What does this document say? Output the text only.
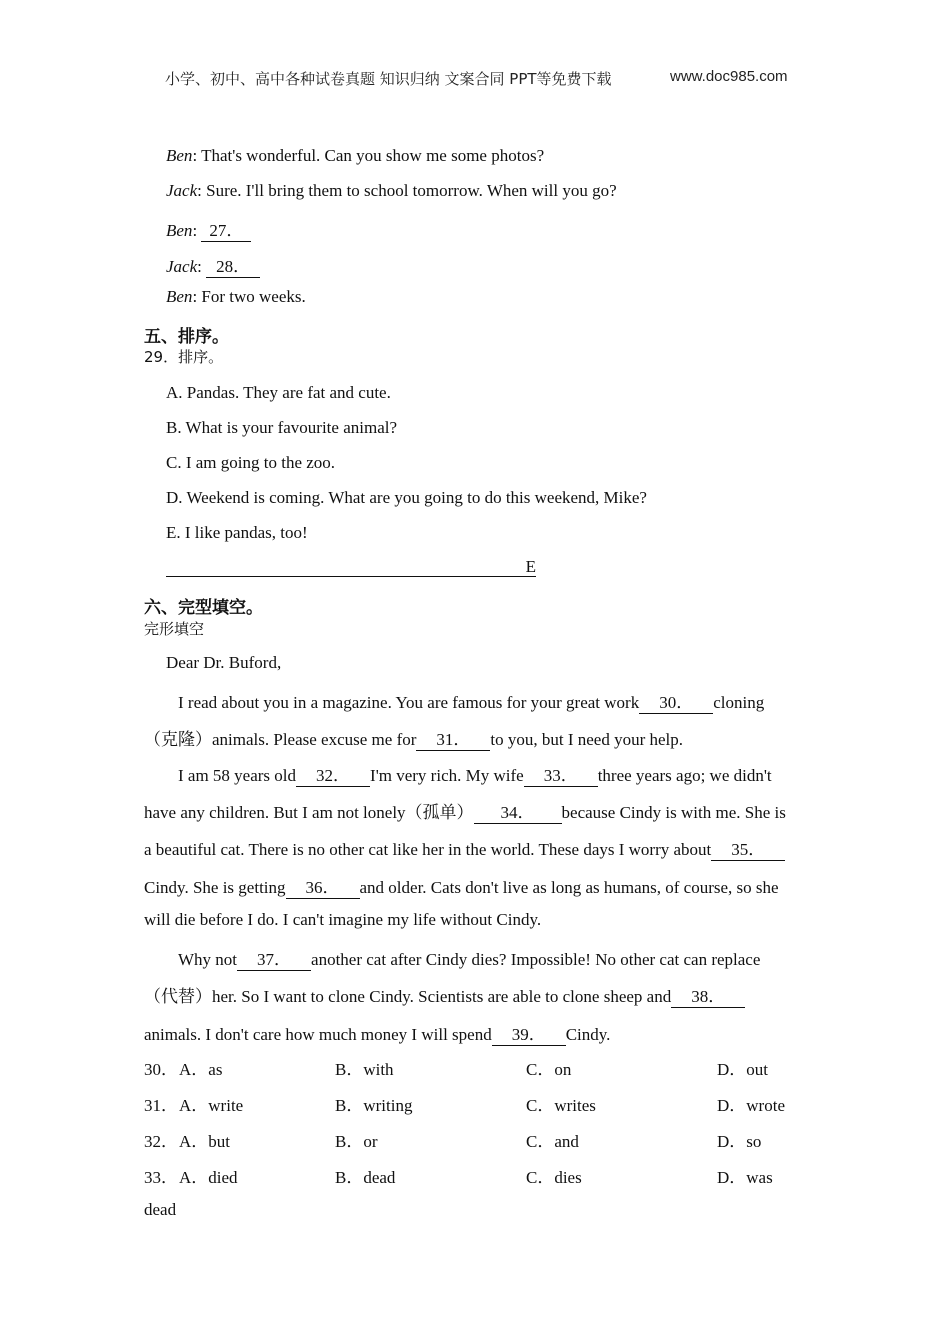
小学、初中、高中各种试卷真题 知识归纳 文案合同 PPT等免费下载	www.doc985.com
Ben: That's wonderful. Can you show me some photos?
Jack: Sure. I'll bring them to school tomorrow. When will you go?
Ben: 27．
Jack: 28．
Ben: For two weeks.
五、排序。
29．排序。
A. Pandas. They are fat and cute.
B. What is your favourite animal?
C. I am going to the zoo.
D. Weekend is coming. What are you going to do this weekend, Mike?
E. I like pandas, too!
E
六、完型填空。
完形填空
Dear Dr. Buford,
I read about you in a magazine. You are famous for your great work 30． cloning
（克隆）animals. Please excuse me for 31． to you, but I need your help.
I am 58 years old 32． I'm very rich. My wife 33． three years ago; we didn't
have any children. But I am not lonely（孤单） 34． because Cindy is with me. She is
a beautiful cat. There is no other cat like her in the world. These days I worry about 35．
Cindy. She is getting 36． and older. Cats don't live as long as humans, of course, so she
will die before I do. I can't imagine my life without Cindy.
Why not 37． another cat after Cindy dies? Impossible! No other cat can replace
（代替）her. So I want to clone Cindy. Scientists are able to clone sheep and 38．
animals. I don't care how much money I will spend 39． Cindy.
30． A．as	B．with	C．on	D．out
31． A．write	B．writing	C．writes	D．wrote
32． A．but	B．or	C．and	D．so
33． A．died	B．dead	C．dies	D．was
dead
